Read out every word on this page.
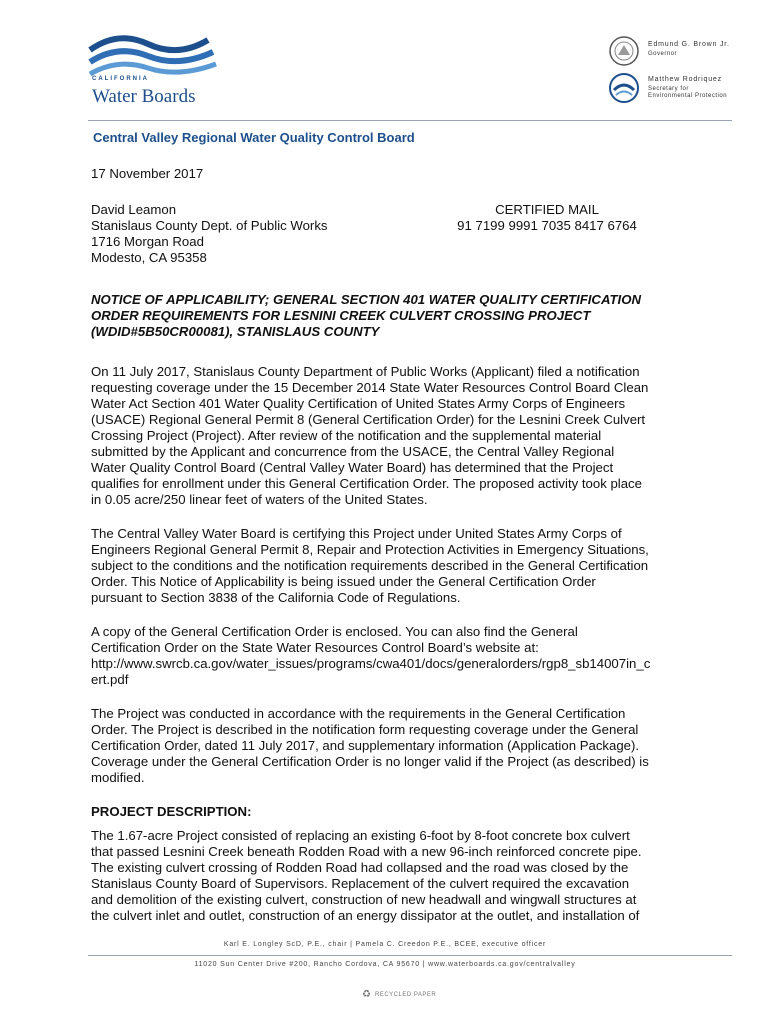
CALIFORNIA
Water Boards
Edmund G. Brown Jr.
Governor
Matthew Rodriquez
Secretary for
Environmental Protection
Central Valley Regional Water Quality Control Board
17 November 2017
David Leamon
Stanislaus County Dept. of Public Works
1716 Morgan Road
Modesto, CA 95358
CERTIFIED MAIL
91 7199 9991 7035 8417 6764
NOTICE OF APPLICABILITY; GENERAL SECTION 401 WATER QUALITY CERTIFICATION
ORDER REQUIREMENTS FOR LESNINI CREEK CULVERT CROSSING PROJECT
(WDID#5B50CR00081), STANISLAUS COUNTY
On 11 July 2017, Stanislaus County Department of Public Works (Applicant) filed a notification
requesting coverage under the 15 December 2014 State Water Resources Control Board Clean
Water Act Section 401 Water Quality Certification of United States Army Corps of Engineers
(USACE) Regional General Permit 8 (General Certification Order) for the Lesnini Creek Culvert
Crossing Project (Project). After review of the notification and the supplemental material
submitted by the Applicant and concurrence from the USACE, the Central Valley Regional
Water Quality Control Board (Central Valley Water Board) has determined that the Project
qualifies for enrollment under this General Certification Order. The proposed activity took place
in 0.05 acre/250 linear feet of waters of the United States.
The Central Valley Water Board is certifying this Project under United States Army Corps of
Engineers Regional General Permit 8, Repair and Protection Activities in Emergency Situations,
subject to the conditions and the notification requirements described in the General Certification
Order. This Notice of Applicability is being issued under the General Certification Order
pursuant to Section 3838 of the California Code of Regulations.
A copy of the General Certification Order is enclosed. You can also find the General
Certification Order on the State Water Resources Control Board’s website at:
http://www.swrcb.ca.gov/water_issues/programs/cwa401/docs/generalorders/rgp8_sb14007in_c
ert.pdf
The Project was conducted in accordance with the requirements in the General Certification
Order. The Project is described in the notification form requesting coverage under the General
Certification Order, dated 11 July 2017, and supplementary information (Application Package).
Coverage under the General Certification Order is no longer valid if the Project (as described) is
modified.
PROJECT DESCRIPTION:
The 1.67-acre Project consisted of replacing an existing 6-foot by 8-foot concrete box culvert
that passed Lesnini Creek beneath Rodden Road with a new 96-inch reinforced concrete pipe.
The existing culvert crossing of Rodden Road had collapsed and the road was closed by the
Stanislaus County Board of Supervisors. Replacement of the culvert required the excavation
and demolition of the existing culvert, construction of new headwall and wingwall structures at
the culvert inlet and outlet, construction of an energy dissipator at the outlet, and installation of
Karl E. Longley ScD, P.E., chair | Pamela C. Creedon P.E., BCEE, executive officer
11020 Sun Center Drive #200, Rancho Cordova, CA 95670 | www.waterboards.ca.gov/centralvalley
♻ RECYCLED PAPER
